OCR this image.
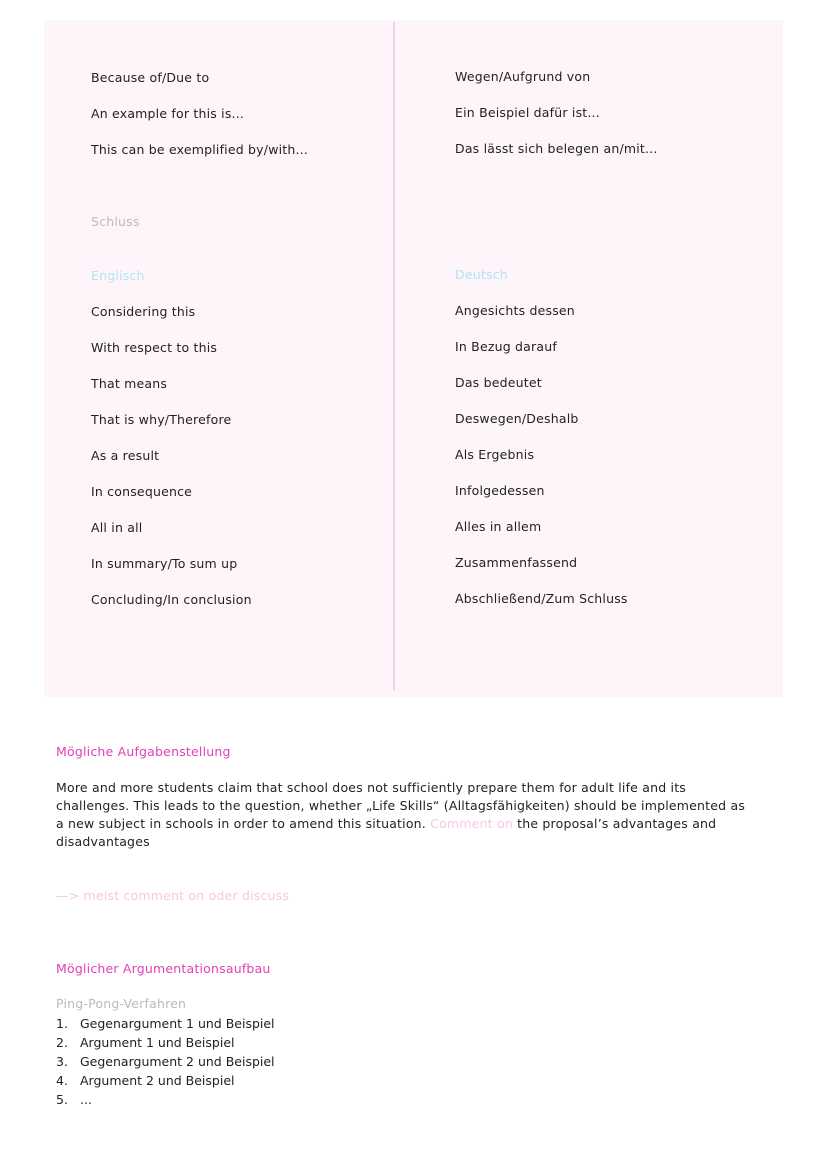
Because of/Due to	Wegen/Aufgrund von
An example for this is...	Ein Beispiel dafür ist...
This can be exemplified by/with...	Das lässt sich belegen an/mit...
Schluss
Englisch	Deutsch
Considering this	Angesichts dessen
With respect to this	In Bezug darauf
That means	Das bedeutet
That is why/Therefore	Deswegen/Deshalb
As a result	Als Ergebnis
In consequence	Infolgedessen
All in all	Alles in allem
In summary/To sum up	Zusammenfassend
Concluding/In conclusion	Abschließend/Zum Schluss
Mögliche Aufgabenstellung
More and more students claim that school does not sufficiently prepare them for adult life and its challenges. This leads to the question, whether „Life Skills“ (Alltagsfähigkeiten) should be implemented as a new subject in schools in order to amend this situation. Comment on the proposal’s advantages and disadvantages
—> meist comment on oder discuss
Möglicher Argumentationsaufbau
Ping-Pong-Verfahren
1. Gegenargument 1 und Beispiel
2. Argument 1 und Beispiel
3. Gegenargument 2 und Beispiel
4. Argument 2 und Beispiel
5. ...
